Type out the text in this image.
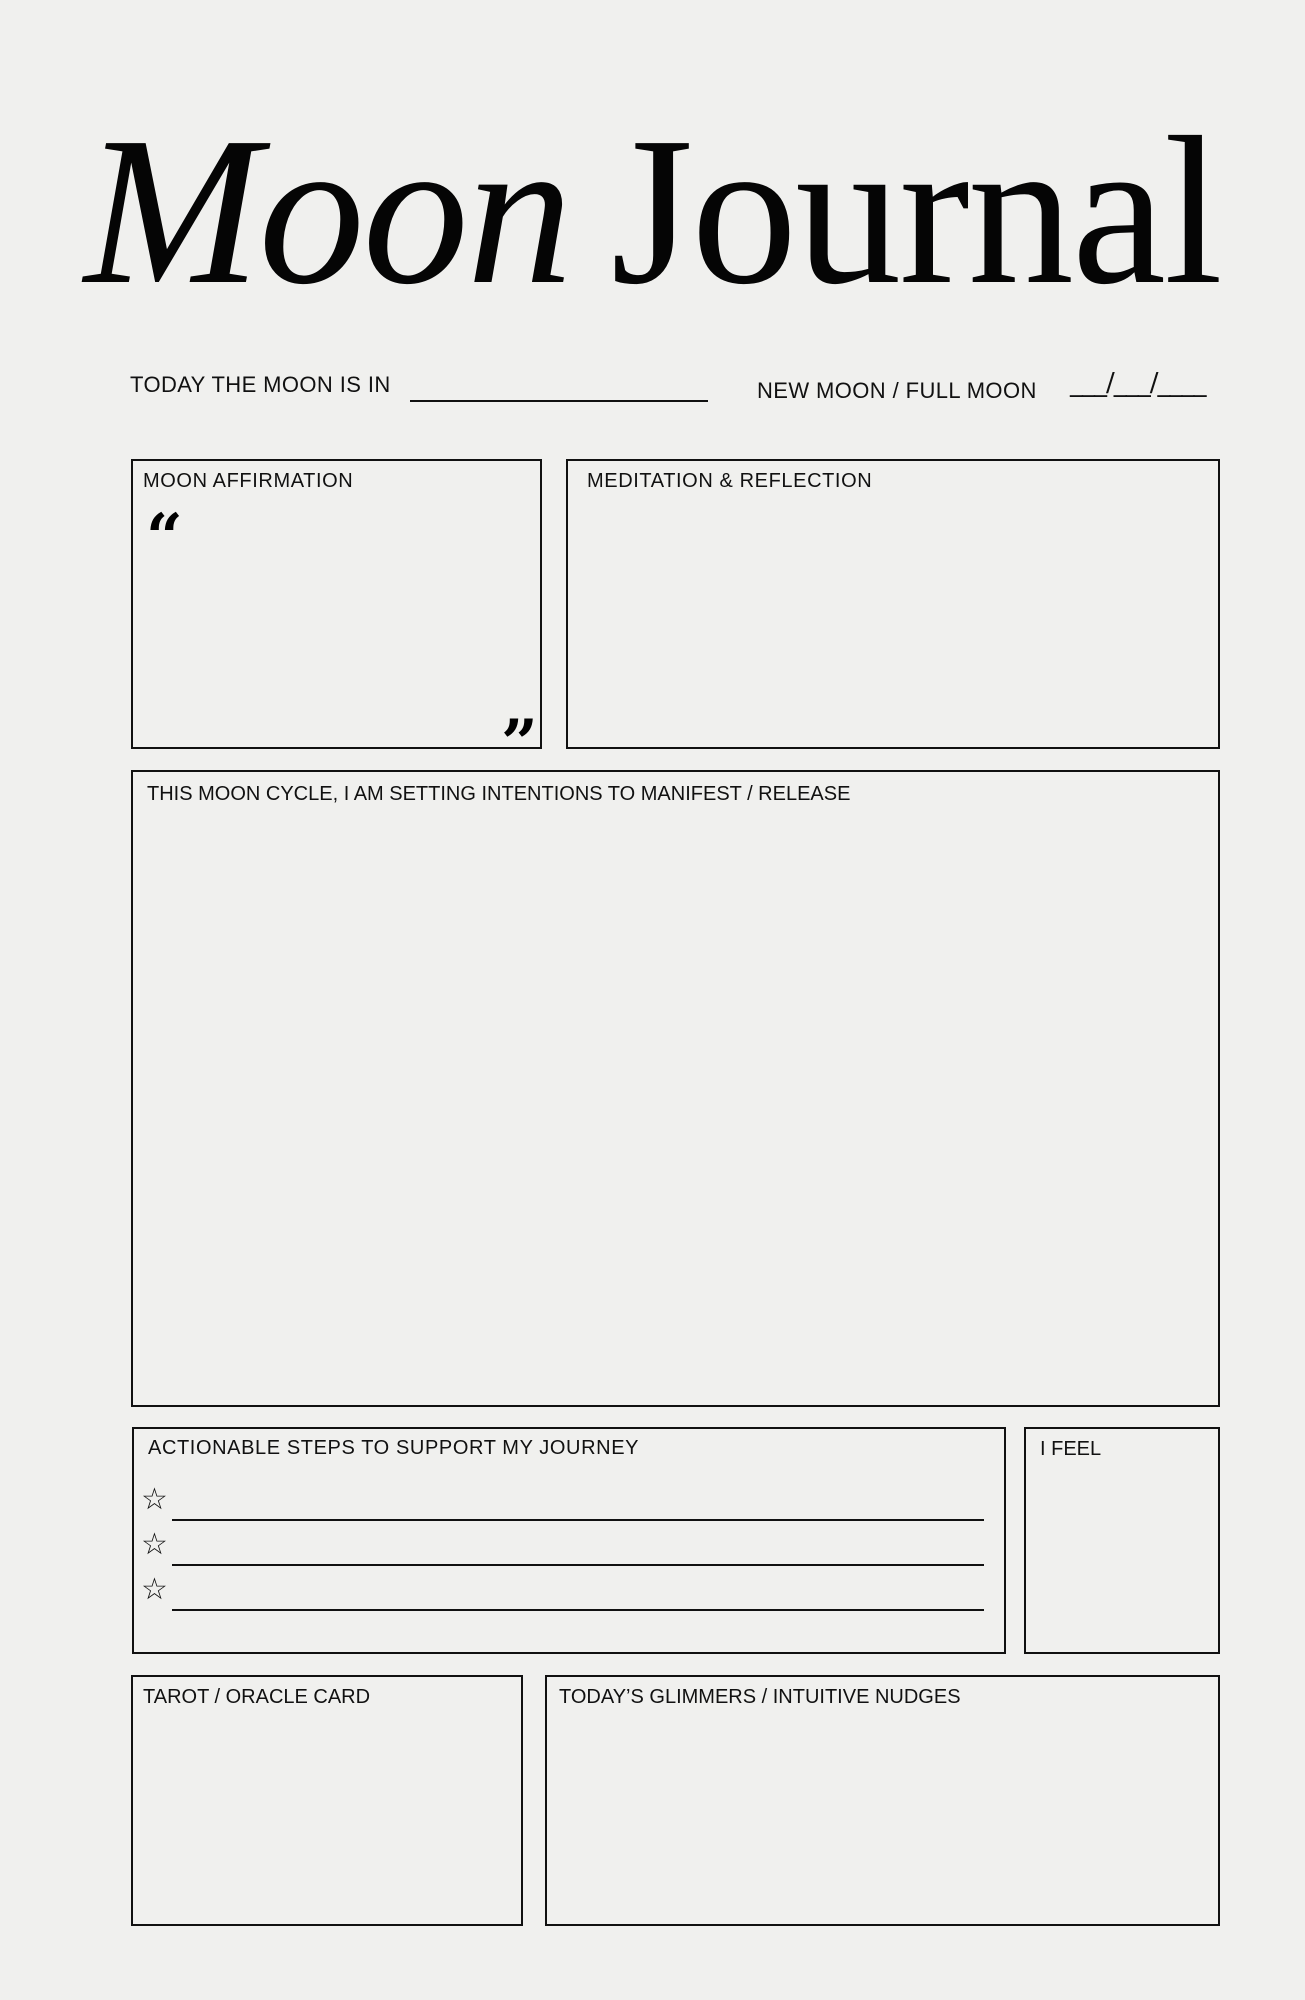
Moon Journal
TODAY THE MOON IS IN	NEW MOON / FULL MOON ___/___/____
MOON AFFIRMATION
“
”
MEDITATION & REFLECTION
THIS MOON CYCLE, I AM SETTING INTENTIONS TO MANIFEST / RELEASE
ACTIONABLE STEPS TO SUPPORT MY JOURNEY
☆
☆
☆
I FEEL
TAROT / ORACLE CARD	TODAY’S GLIMMERS / INTUITIVE NUDGES
